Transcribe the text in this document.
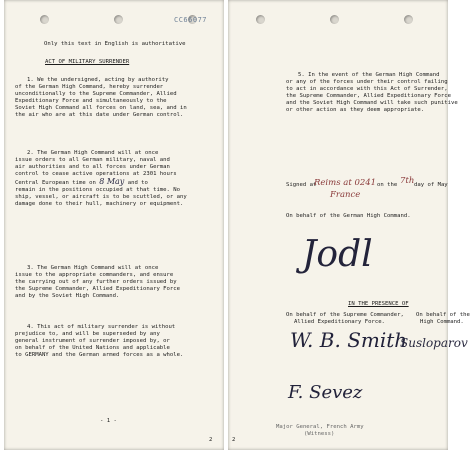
CC66077
Only this text in English is authoritative
ACT OF MILITARY SURRENDER
1. We the undersigned, acting by authority
of the German High Command, hereby surrender
unconditionally to the Supreme Commander, Allied
Expeditionary Force and simultaneously to the
Soviet High Command all forces on land, sea, and in
the air who are at this date under German control.
2. The German High Command will at once
issue orders to all German military, naval and
air authorities and to all forces under German
control to cease active operations at 2301 hours
Central European time on 8 May and to
remain in the positions occupied at that time. No
ship, vessel, or aircraft is to be scuttled, or any
damage done to their hull, machinery or equipment.
3. The German High Command will at once
issue to the appropriate commanders, and ensure
the carrying out of any further orders issued by
the Supreme Commander, Allied Expeditionary Force
and by the Soviet High Command.
4. This act of military surrender is without
prejudice to, and will be superseded by any
general instrument of surrender imposed by, or
on behalf of the United Nations and applicable
to GERMANY and the German armed forces as a whole.
- 1 -
2
5. In the event of the German High Command
or any of the forces under their control failing
to act in accordance with this Act of Surrender,
the Supreme Commander, Allied Expeditionary Force
and the Soviet High Command will take such punitive
or other action as they deem appropriate.
Signed at
Reims at 0241 on the 7th day of May
France
On behalf of the German High Command.
Jodl
IN THE PRESENCE OF
On behalf of the Supreme Commander,
Allied Expeditionary Force.
On behalf of the
High Command.
W. B. Smith
Susloparov
F. Sevez
Major General, French Army
(Witness)
2
